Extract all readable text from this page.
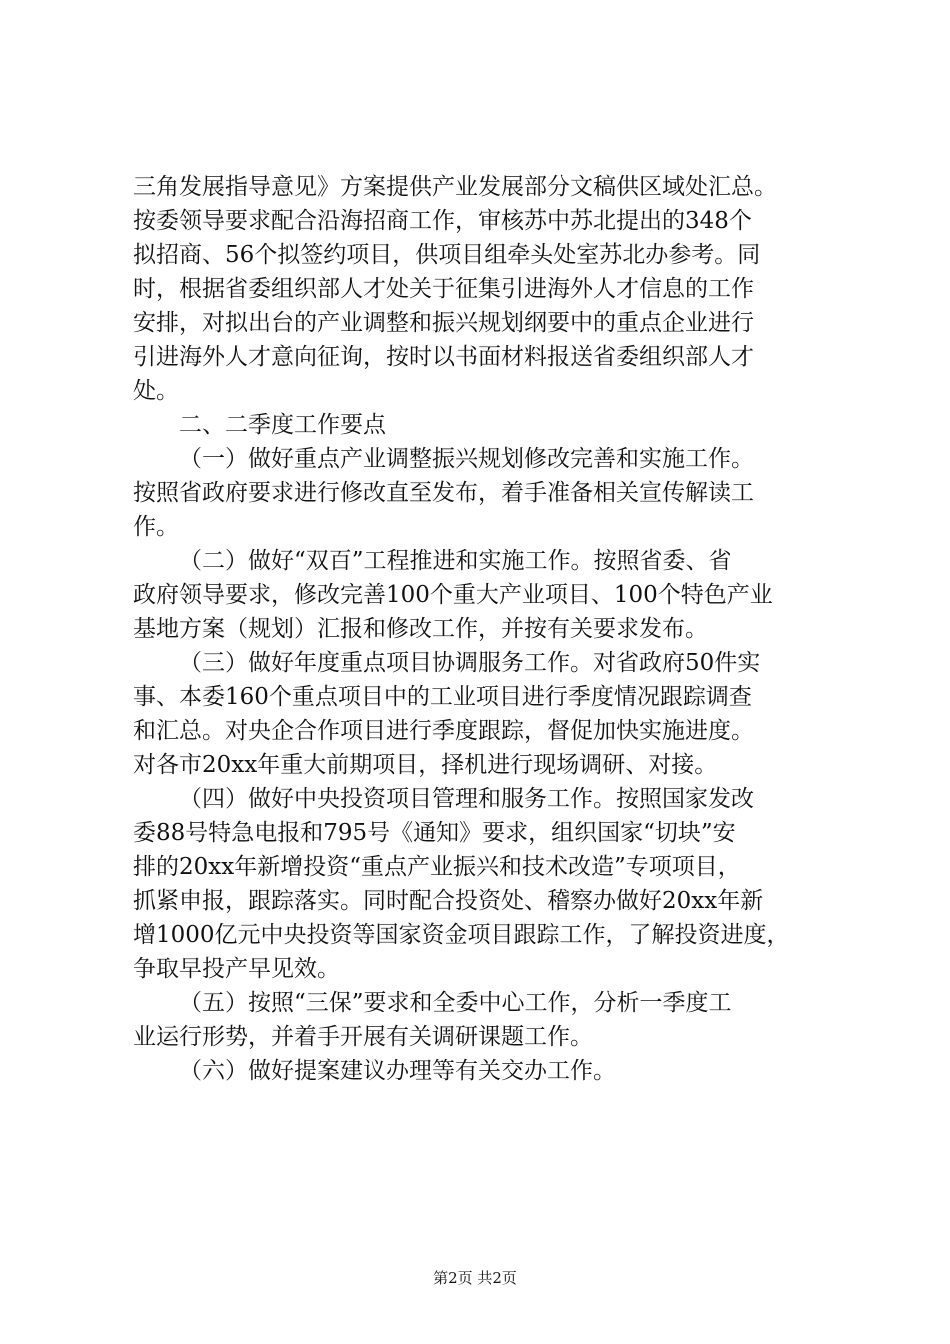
三角发展指导意见》方案提供产业发展部分文稿供区域处汇总。
按委领导要求配合沿海招商工作，审核苏中苏北提出的348个
拟招商、56个拟签约项目，供项目组牵头处室苏北办参考。同
时，根据省委组织部人才处关于征集引进海外人才信息的工作
安排，对拟出台的产业调整和振兴规划纲要中的重点企业进行
引进海外人才意向征询，按时以书面材料报送省委组织部人才
处。
二、二季度工作要点
（一）做好重点产业调整振兴规划修改完善和实施工作。
按照省政府要求进行修改直至发布，着手准备相关宣传解读工
作。
（二）做好“双百”工程推进和实施工作。按照省委、省
政府领导要求，修改完善100个重大产业项目、100个特色产业
基地方案（规划）汇报和修改工作，并按有关要求发布。
（三）做好年度重点项目协调服务工作。对省政府50件实
事、本委160个重点项目中的工业项目进行季度情况跟踪调查
和汇总。对央企合作项目进行季度跟踪，督促加快实施进度。
对各市20xx年重大前期项目，择机进行现场调研、对接。
（四）做好中央投资项目管理和服务工作。按照国家发改
委88号特急电报和795号《通知》要求，组织国家“切块”安
排的20xx年新增投资“重点产业振兴和技术改造”专项项目，
抓紧申报，跟踪落实。同时配合投资处、稽察办做好20xx年新
增1000亿元中央投资等国家资金项目跟踪工作，了解投资进度，
争取早投产早见效。
（五）按照“三保”要求和全委中心工作，分析一季度工
业运行形势，并着手开展有关调研课题工作。
（六）做好提案建议办理等有关交办工作。
第2页 共2页
